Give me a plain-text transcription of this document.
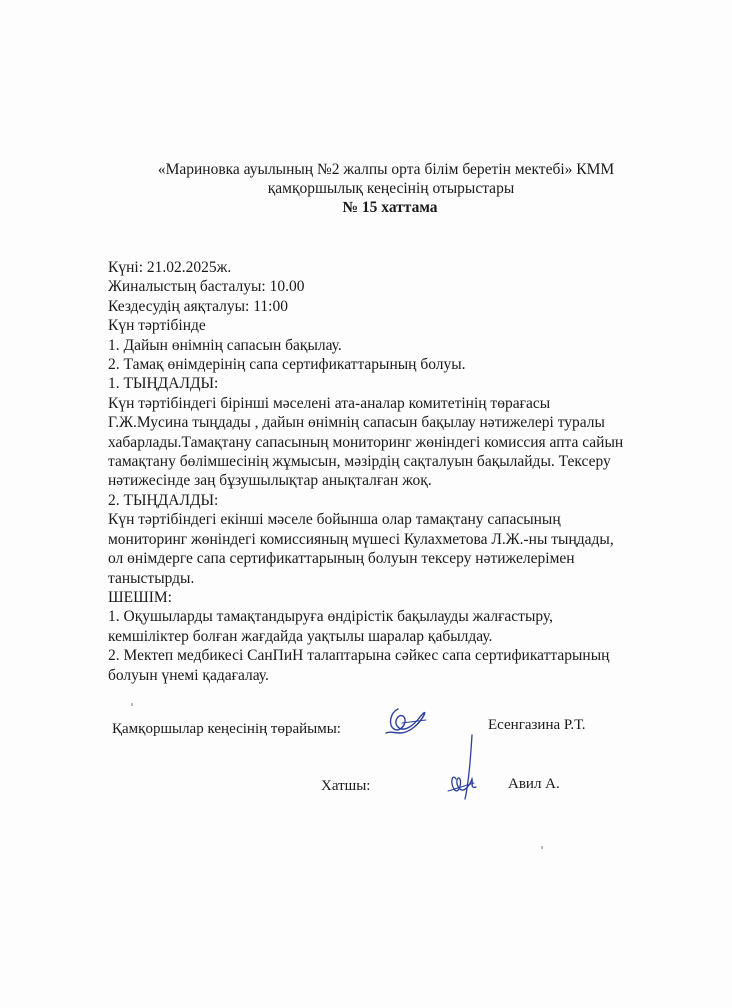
«Мариновка ауылының №2 жалпы орта білім беретін мектебі» КММ
қамқоршылық кеңесінің отырыстары
№ 15 хаттама
Күні: 21.02.2025ж.
Жиналыстың басталуы: 10.00
Кездесудің аяқталуы: 11:00
Күн тәртібінде
1. Дайын өнімнің сапасын бақылау.
2. Тамақ өнімдерінің сапа сертификаттарының болуы.
1. ТЫҢДАЛДЫ:
Күн тәртібіндегі бірінші мәселені ата-аналар комитетінің төрағасы
Г.Ж.Мусина тыңдады , дайын өнімнің сапасын бақылау нәтижелері туралы
хабарлады.Тамақтану сапасының мониторинг жөніндегі комиссия апта сайын
тамақтану бөлімшесінің жұмысын, мәзірдің сақталуын бақылайды. Тексеру
нәтижесінде заң бұзушылықтар анықталған жоқ.
2. ТЫҢДАЛДЫ:
Күн тәртібіндегі екінші мәселе бойынша олар тамақтану сапасының
мониторинг жөніндегі комиссияның мүшесі Кулахметова Л.Ж.-ны тыңдады,
ол өнімдерге сапа сертификаттарының болуын тексеру нәтижелерімен
таныстырды.
ШЕШІМ:
1. Оқушыларды тамақтандыруға өндірістік бақылауды жалғастыру,
кемшіліктер болған жағдайда уақтылы шаралар қабылдау.
2. Мектеп медбикесі СанПиН талаптарына сәйкес сапа сертификаттарының
болуын үнемі қадағалау.
Қамқоршылар кеңесінің төрайымы:	Есенгазина Р.Т.
Хатшы:	Авил А.
